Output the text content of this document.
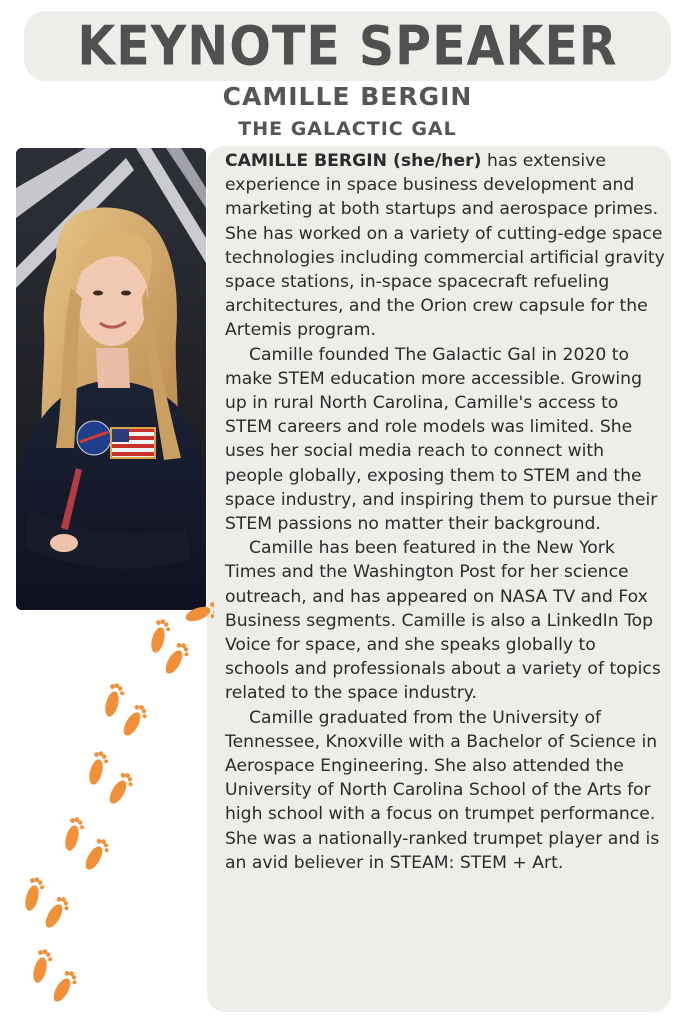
KEYNOTE SPEAKER
CAMILLE BERGIN
THE GALACTIC GAL

CAMILLE BERGIN (she/her) has extensive experience in space business development and marketing at both startups and aerospace primes. She has worked on a variety of cutting-edge space technologies including commercial artificial gravity space stations, in-space spacecraft refueling architectures, and the Orion crew capsule for the Artemis program.

Camille founded The Galactic Gal in 2020 to make STEM education more accessible. Growing up in rural North Carolina, Camille's access to STEM careers and role models was limited. She uses her social media reach to connect with people globally, exposing them to STEM and the space industry, and inspiring them to pursue their STEM passions no matter their background.

Camille has been featured in the New York Times and the Washington Post for her science outreach, and has appeared on NASA TV and Fox Business segments. Camille is also a LinkedIn Top Voice for space, and she speaks globally to schools and professionals about a variety of topics related to the space industry.

Camille graduated from the University of Tennessee, Knoxville with a Bachelor of Science in Aerospace Engineering. She also attended the University of North Carolina School of the Arts for high school with a focus on trumpet performance. She was a nationally-ranked trumpet player and is an avid believer in STEAM: STEM + Art.
